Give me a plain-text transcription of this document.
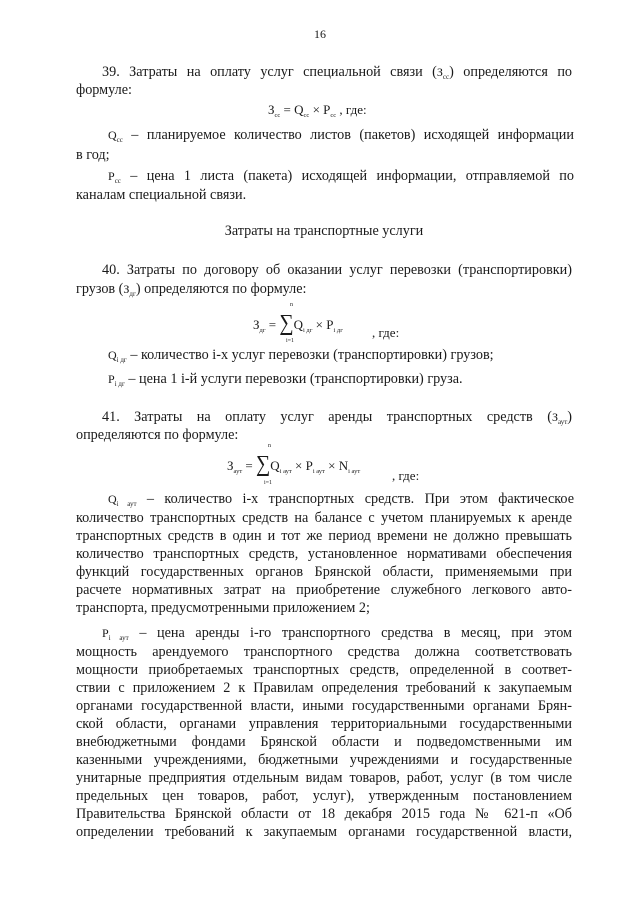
16
39. Затраты на оплату услуг специальной связи $(З_{сс})$ определяются по
формуле:
$З_{сс} = Q_{сс} \times P_{сс}$ , где:
$Q_{сс}$ – планируемое количество листов (пакетов) исходящей информации
в год;
$P_{сс}$ – цена 1 листа (пакета) исходящей информации, отправляемой по
каналам специальной связи.
Затраты на транспортные услуги
40. Затраты по договору об оказании услуг перевозки (транспортировки)
грузов $(З_{дг})$ определяются по формуле:
$З_{дг} = \sum Q_{i дг} \times P_{i дг}$
n
i=1
, где:
$Q_{i дг}$ – количество i-х услуг перевозки (транспортировки) грузов;
$P_{i дг}$ – цена 1 i-й услуги перевозки (транспортировки) груза.
41. Затраты на оплату услуг аренды транспортных средств $(З_{аут})$
определяются по формуле:
$З_{аут} = \sum Q_{i аут} \times P_{i аут} \times N_{i аут}$
n
i=1	, где:
$Q_{i аут}$ – количество i-х транспортных средств. При этом фактическое
количество транспортных средств на балансе с учетом планируемых к аренде
транспортных средств в один и тот же период времени не должно превышать
количество транспортных средств, установленное нормативами обеспечения
функций государственных органов Брянской области, применяемыми при
расчете нормативных затрат на приобретение служебного легкового авто-
транспорта, предусмотренными приложением 2;
$P_{i аут}$ – цена аренды i-го транспортного средства в месяц, при этом
мощность арендуемого транспортного средства должна соответствовать
мощности приобретаемых транспортных средств, определенной в соответ-
ствии с приложением 2 к Правилам определения требований к закупаемым
органами государственной власти, иными государственными органами Брян-
ской области, органами управления территориальными государственными
внебюджетными фондами Брянской области и подведомственными им
казенными учреждениями, бюджетными учреждениями и государственные
унитарные предприятия отдельным видам товаров, работ, услуг (в том числе
предельных цен товаров, работ, услуг), утвержденным постановлением
Правительства Брянской области от 18 декабря 2015 года № 621-п «Об
определении требований к закупаемым органами государственной власти,
